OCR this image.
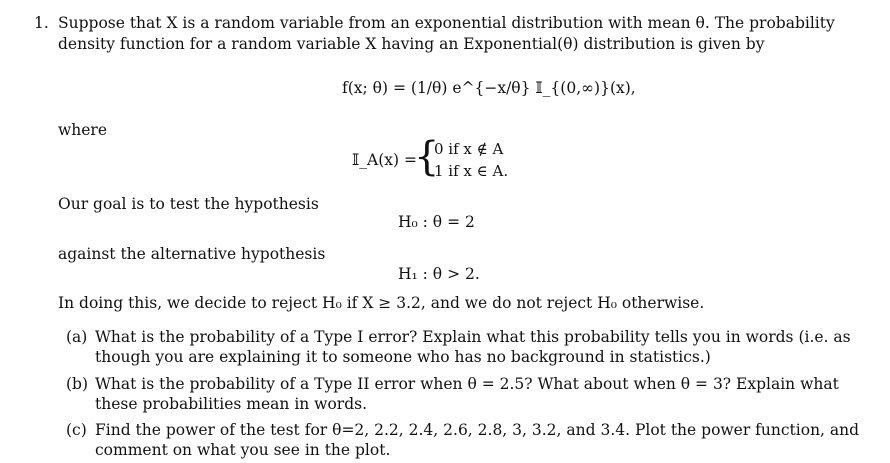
1. Suppose that X is a random variable from an exponential distribution with mean θ. The probability
density function for a random variable X having an Exponential(θ) distribution is given by
f(x; θ) = (1/θ) e^{−x/θ} 𝕀_{(0,∞)}(x),
where
𝕀_A(x) =
{
0 if x ∉ A
1 if x ∈ A.
Our goal is to test the hypothesis
H₀ : θ = 2
against the alternative hypothesis
H₁ : θ > 2.
In doing this, we decide to reject H₀ if X ≥ 3.2, and we do not reject H₀ otherwise.
(a) What is the probability of a Type I error? Explain what this probability tells you in words (i.e. as
though you are explaining it to someone who has no background in statistics.)
(b) What is the probability of a Type II error when θ = 2.5? What about when θ = 3? Explain what
these probabilities mean in words.
(c) Find the power of the test for θ=2, 2.2, 2.4, 2.6, 2.8, 3, 3.2, and 3.4. Plot the power function, and
comment on what you see in the plot.
